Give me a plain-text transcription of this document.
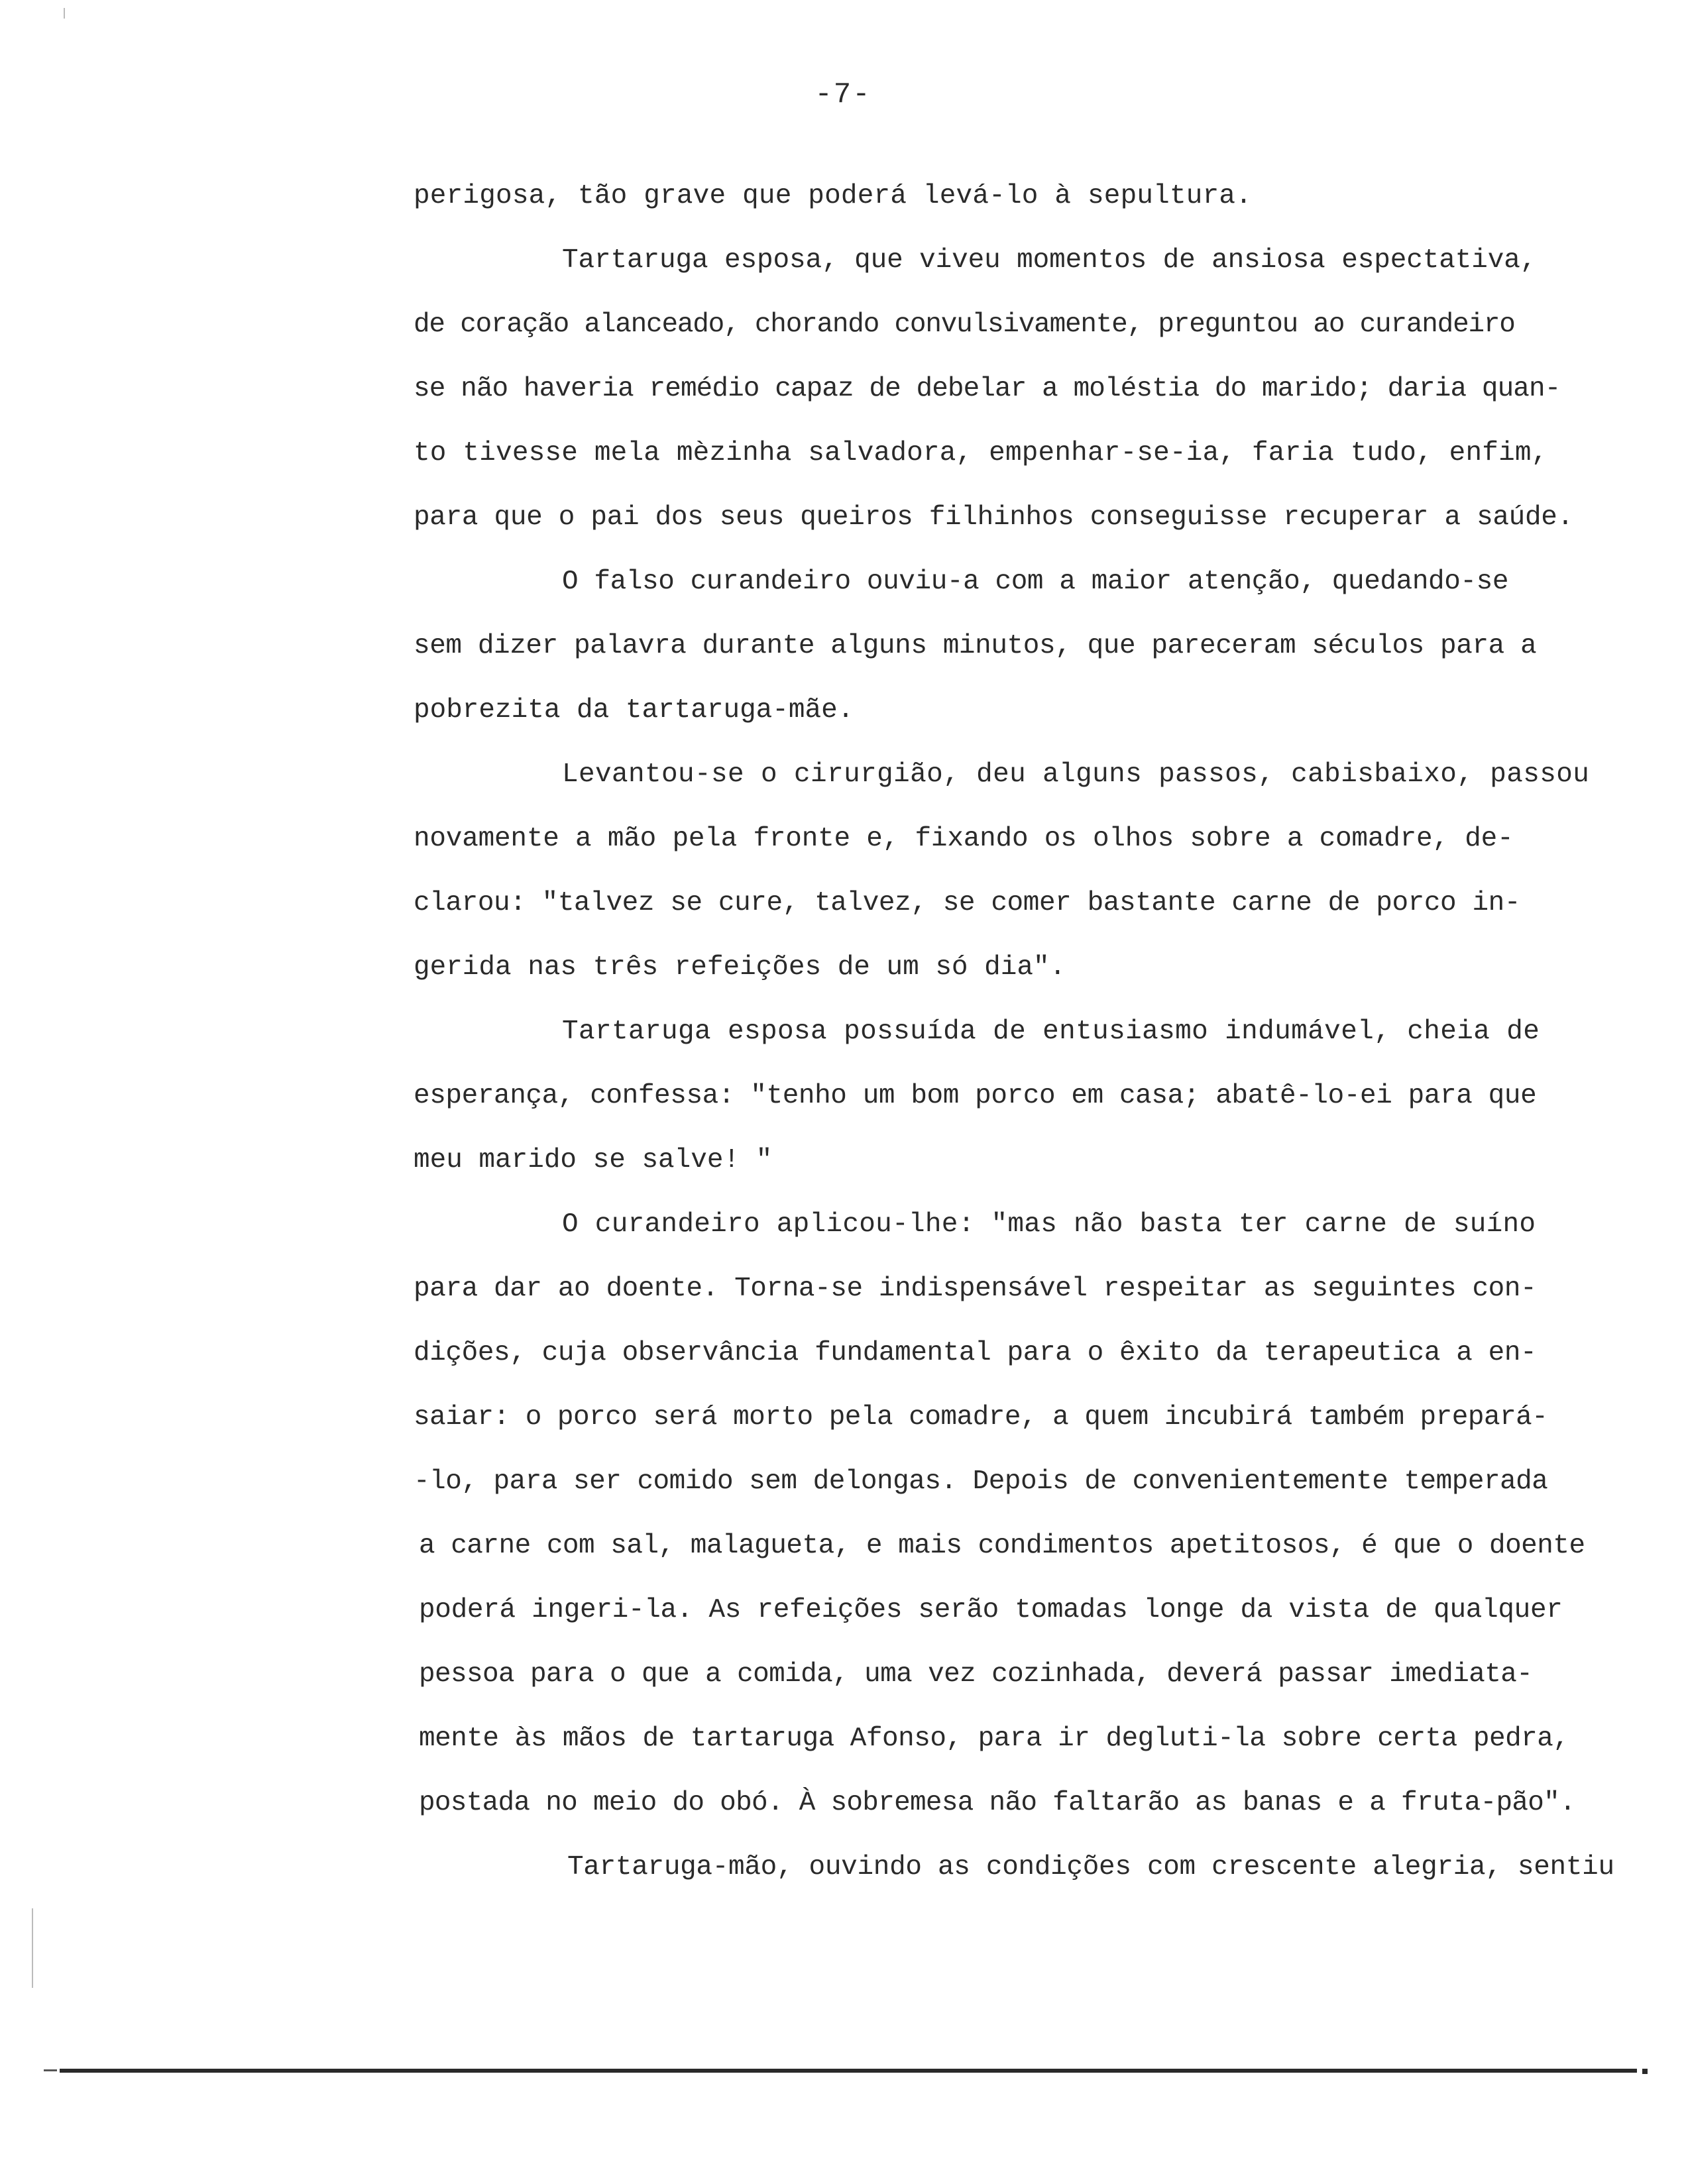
-7-
perigosa, tão grave que poderá levá-lo à sepultura.
Tartaruga esposa, que viveu momentos de ansiosa espectativa,
de coração alanceado, chorando convulsivamente, preguntou ao curandeiro
se não haveria remédio capaz de debelar a moléstia do marido; daria quan-
to tivesse mela mèzinha salvadora, empenhar-se-ia, faria tudo, enfim,
para que o pai dos seus queiros filhinhos conseguisse recuperar a saúde.
O falso curandeiro ouviu-a com a maior atenção, quedando-se
sem dizer palavra durante alguns minutos, que pareceram séculos para a
pobrezita da tartaruga-mãe.
Levantou-se o cirurgião, deu alguns passos, cabisbaixo, passou
novamente a mão pela fronte e, fixando os olhos sobre a comadre, de-
clarou: "talvez se cure, talvez, se comer bastante carne de porco in-
gerida nas três refeições de um só dia".
Tartaruga esposa possuída de entusiasmo indumável, cheia de
esperança, confessa: "tenho um bom porco em casa; abatê-lo-ei para que
meu marido se salve! "
O curandeiro aplicou-lhe: "mas não basta ter carne de suíno
para dar ao doente. Torna-se indispensável respeitar as seguintes con-
dições, cuja observância fundamental para o êxito da terapeutica a en-
saiar: o porco será morto pela comadre, a quem incubirá também prepará-
-lo, para ser comido sem delongas. Depois de convenientemente temperada
a carne com sal, malagueta, e mais condimentos apetitosos, é que o doente
poderá ingeri-la. As refeições serão tomadas longe da vista de qualquer
pessoa para o que a comida, uma vez cozinhada, deverá passar imediata-
mente às mãos de tartaruga Afonso, para ir degluti-la sobre certa pedra,
postada no meio do obó. À sobremesa não faltarão as banas e a fruta-pão".
Tartaruga-mão, ouvindo as condições com crescente alegria, sentiu
